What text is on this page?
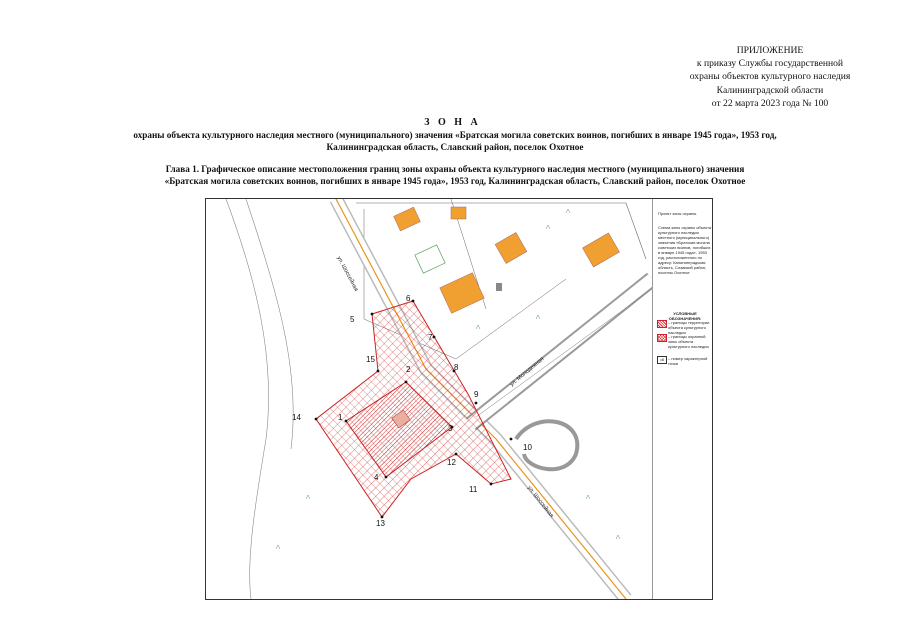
ПРИЛОЖЕНИЕ
к приказу Службы государственной
охраны объектов культурного наследия
Калининградской области
от 22 марта 2023 года № 100
З О Н А
охраны объекта культурного наследия местного (муниципального) значения «Братская могила советских воинов, погибших в январе 1945 года», 1953 год,
Калининградская область, Славский район, поселок Охотное
Глава 1. Графическое описание местоположения границ зоны охраны объекта культурного наследия местного (муниципального) значения
«Братская могила советских воинов, погибших в январе 1945 года», 1953 год, Калининградская область, Славский район, поселок Охотное
ул. Шоссейная
ул. Молодежная
ул. Шоссейная
1
2
3
4
5
6
7
8
9
10
11
12
13
14
15
Проект зоны охраны.
Схема зоны охраны объекта культурного наследия местного (муниципального) значения «Братская могила советских воинов, погибших в январе 1945 года», 1953 год, расположенного по адресу: Калининградская область, Славский район, поселок Охотное
УСЛОВНЫЕ ОБОЗНАЧЕНИЯ:
– границы территории объекта культурного наследия
– границы охранной зоны объекта культурного наследия
•8	– номер характерной точки
